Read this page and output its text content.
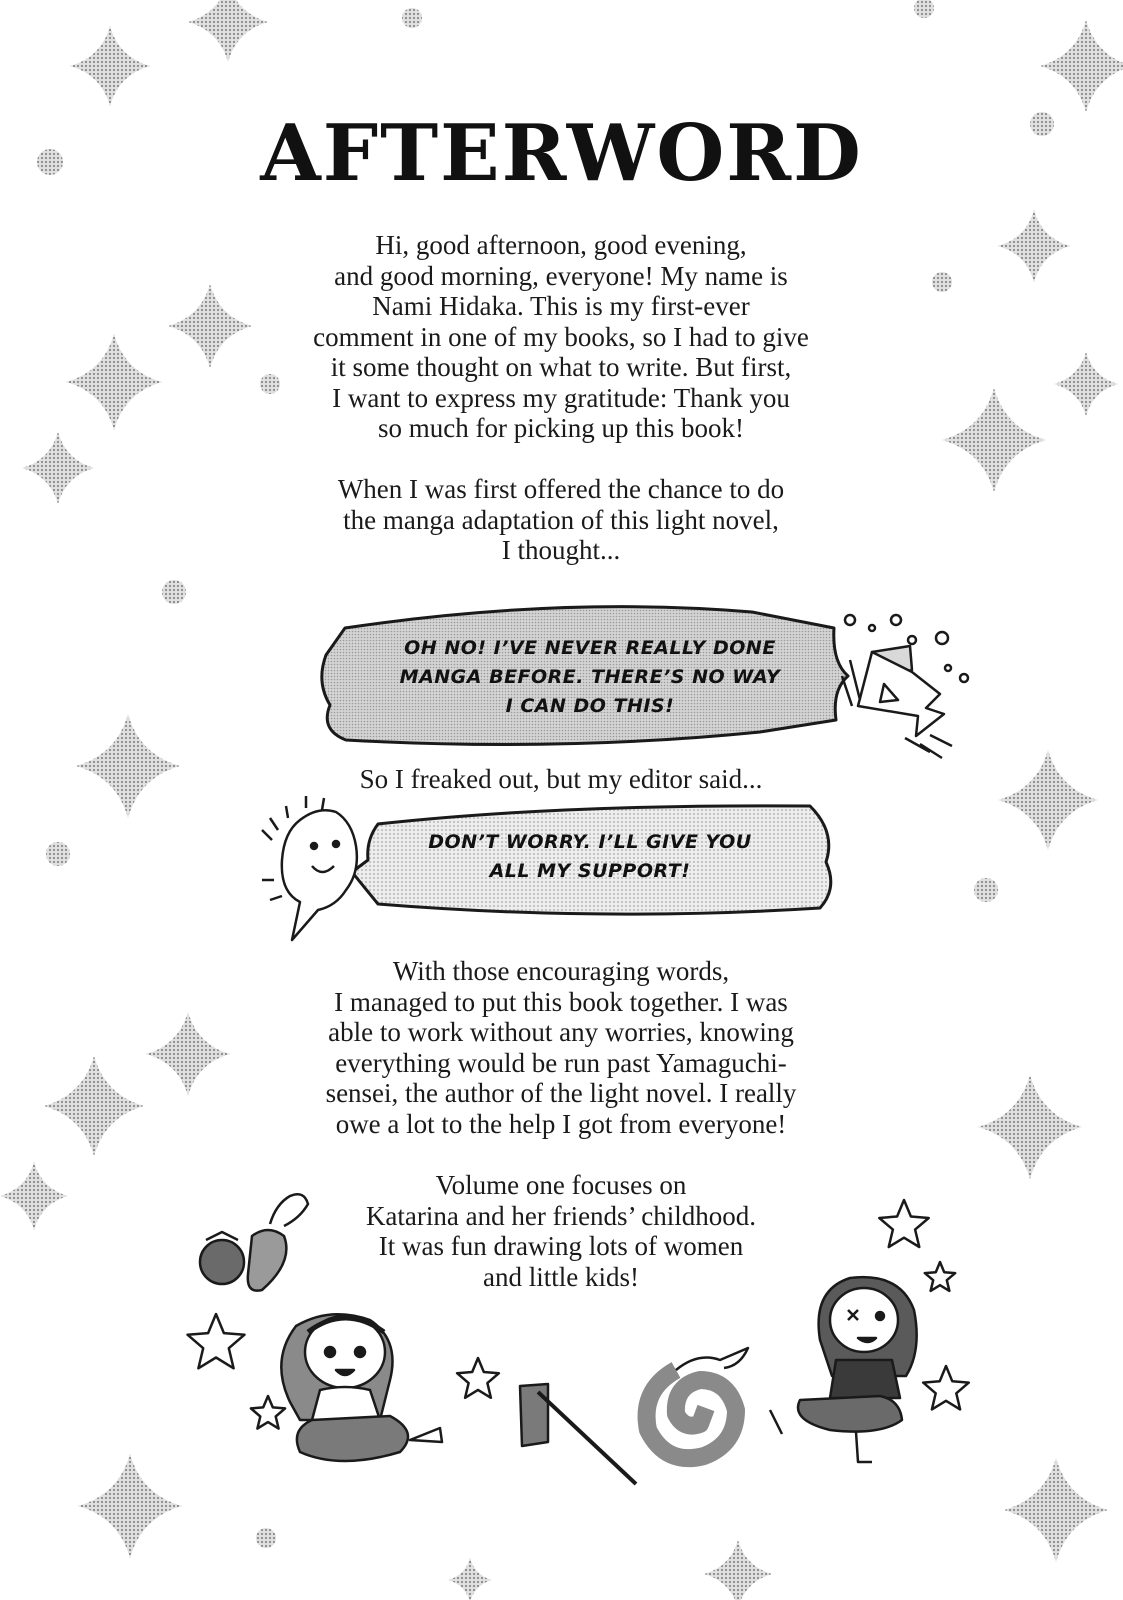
AFTERWORD

Hi, good afternoon, good evening,
and good morning, everyone! My name is
Nami Hidaka. This is my first-ever
comment in one of my books, so I had to give
it some thought on what to write. But first,
I want to express my gratitude: Thank you
so much for picking up this book!

When I was first offered the chance to do
the manga adaptation of this light novel,
I thought...

OH NO! I’VE NEVER REALLY DONE
MANGA BEFORE. THERE’S NO WAY
I CAN DO THIS!

So I freaked out, but my editor said...

DON’T WORRY. I’LL GIVE YOU
ALL MY SUPPORT!

With those encouraging words,
I managed to put this book together. I was
able to work without any worries, knowing
everything would be run past Yamaguchi-
sensei, the author of the light novel. I really
owe a lot to the help I got from everyone!

Volume one focuses on
Katarina and her friends’ childhood.
It was fun drawing lots of women
and little kids!
